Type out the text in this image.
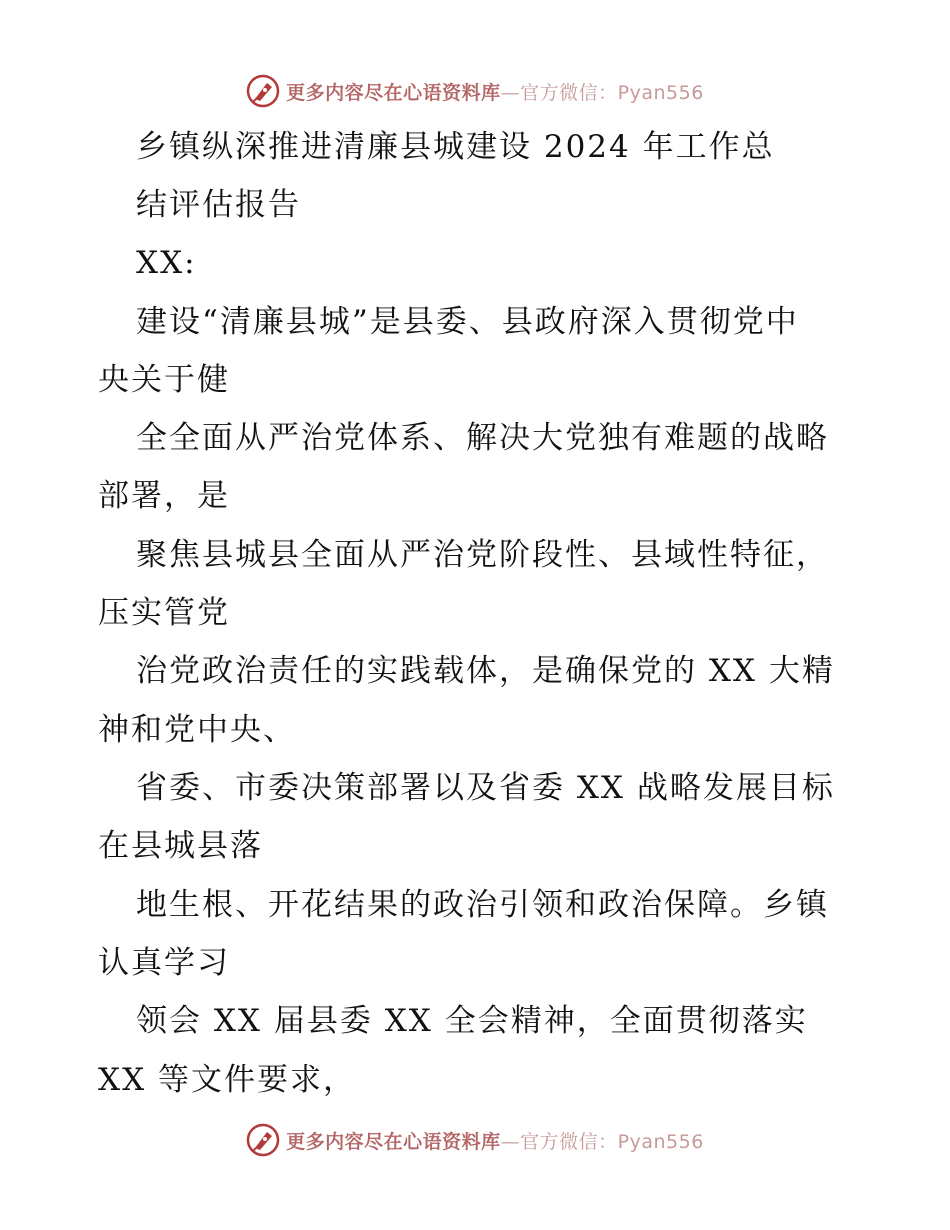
更多内容尽在心语资料库—官方微信：Pyan556
乡镇纵深推进清廉县城建设 2024 年工作总
结评估报告
XX:
建设“清廉县城”是县委、县政府深入贯彻党中
央关于健
全全面从严治党体系、解决大党独有难题的战略
部署，是
聚焦县城县全面从严治党阶段性、县域性特征，
压实管党
治党政治责任的实践载体，是确保党的 XX 大精
神和党中央、
省委、市委决策部署以及省委 XX 战略发展目标
在县城县落
地生根、开花结果的政治引领和政治保障。乡镇
认真学习
领会 XX 届县委 XX 全会精神，全面贯彻落实
XX 等文件要求，
更多内容尽在心语资料库—官方微信：Pyan556
